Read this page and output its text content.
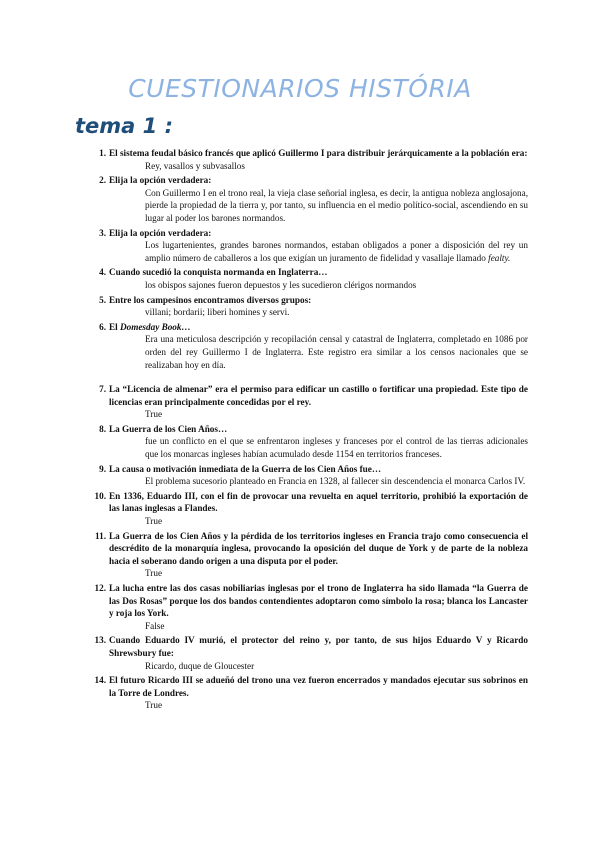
CUESTIONARIOS HISTÓRIA
tema 1 :
1. El sistema feudal básico francés que aplicó Guillermo I para distribuir jerárquicamente a la población era:
Rey, vasallos y subvasallos
2. Elija la opción verdadera:
Con Guillermo I en el trono real, la vieja clase señorial inglesa, es decir, la antigua nobleza anglosajona, pierde la propiedad de la tierra y, por tanto, su influencia en el medio político-social, ascendiendo en su lugar al poder los barones normandos.
3. Elija la opción verdadera:
Los lugartenientes, grandes barones normandos, estaban obligados a poner a disposición del rey un amplio número de caballeros a los que exigían un juramento de fidelidad y vasallaje llamado fealty.
4. Cuando sucedió la conquista normanda en Inglaterra…
los obispos sajones fueron depuestos y les sucedieron clérigos normandos
5. Entre los campesinos encontramos diversos grupos:
villani; bordarii; liberi homines y servi.
6. El Domesday Book…
Era una meticulosa descripción y recopilación censal y catastral de Inglaterra, completado en 1086 por orden del rey Guillermo I de Inglaterra. Este registro era similar a los censos nacionales que se realizaban hoy en día.
7. La “Licencia de almenar” era el permiso para edificar un castillo o fortificar una propiedad. Este tipo de licencias eran principalmente concedidas por el rey.
True
8. La Guerra de los Cien Años…
fue un conflicto en el que se enfrentaron ingleses y franceses por el control de las tierras adicionales que los monarcas ingleses habían acumulado desde 1154 en territorios franceses.
9. La causa o motivación inmediata de la Guerra de los Cien Años fue…
El problema sucesorio planteado en Francia en 1328, al fallecer sin descendencia el monarca Carlos IV.
10. En 1336, Eduardo III, con el fin de provocar una revuelta en aquel territorio, prohibió la exportación de las lanas inglesas a Flandes.
True
11. La Guerra de los Cien Años y la pérdida de los territorios ingleses en Francia trajo como consecuencia el descrédito de la monarquía inglesa, provocando la oposición del duque de York y de parte de la nobleza hacia el soberano dando origen a una disputa por el poder.
True
12. La lucha entre las dos casas nobiliarias inglesas por el trono de Inglaterra ha sido llamada “la Guerra de las Dos Rosas” porque los dos bandos contendientes adoptaron como símbolo la rosa; blanca los Lancaster y roja los York.
False
13. Cuando Eduardo IV murió, el protector del reino y, por tanto, de sus hijos Eduardo V y Ricardo Shrewsbury fue:
Ricardo, duque de Gloucester
14. El futuro Ricardo III se adueñó del trono una vez fueron encerrados y mandados ejecutar sus sobrinos en la Torre de Londres.
True
